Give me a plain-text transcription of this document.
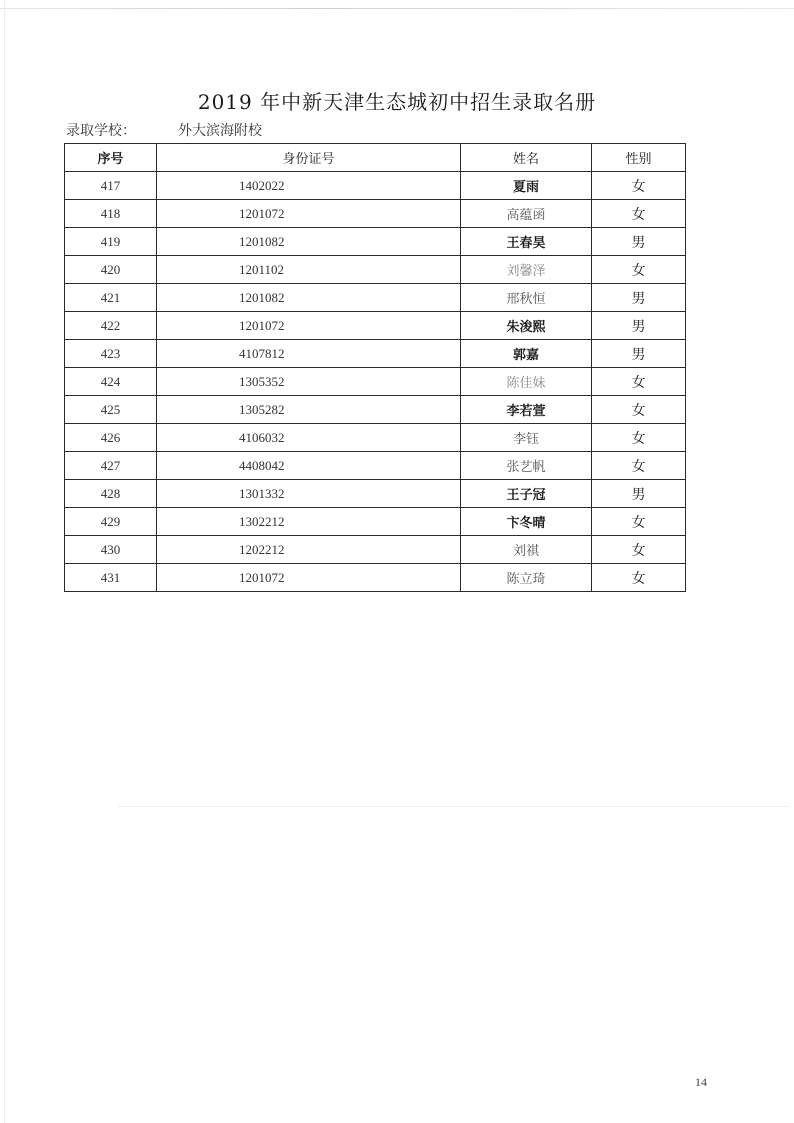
2019 年中新天津生态城初中招生录取名册
录取学校：	外大滨海附校
序号	身份证号	姓名	性别
417	1402022	夏雨	女
418	1201072	高蕴函	女
419	1201082	王春昊	男
420	1201102	刘馨泽	女
421	1201082	邢秋恒	男
422	1201072	朱浚熙	男
423	4107812	郭嘉	男
424	1305352	陈佳妹	女
425	1305282	李若萱	女
426	4106032	李钰	女
427	4408042	张艺帆	女
428	1301332	王子冠	男
429	1302212	卞冬晴	女
430	1202212	刘祺	女
431	1201072	陈立琦	女
14
